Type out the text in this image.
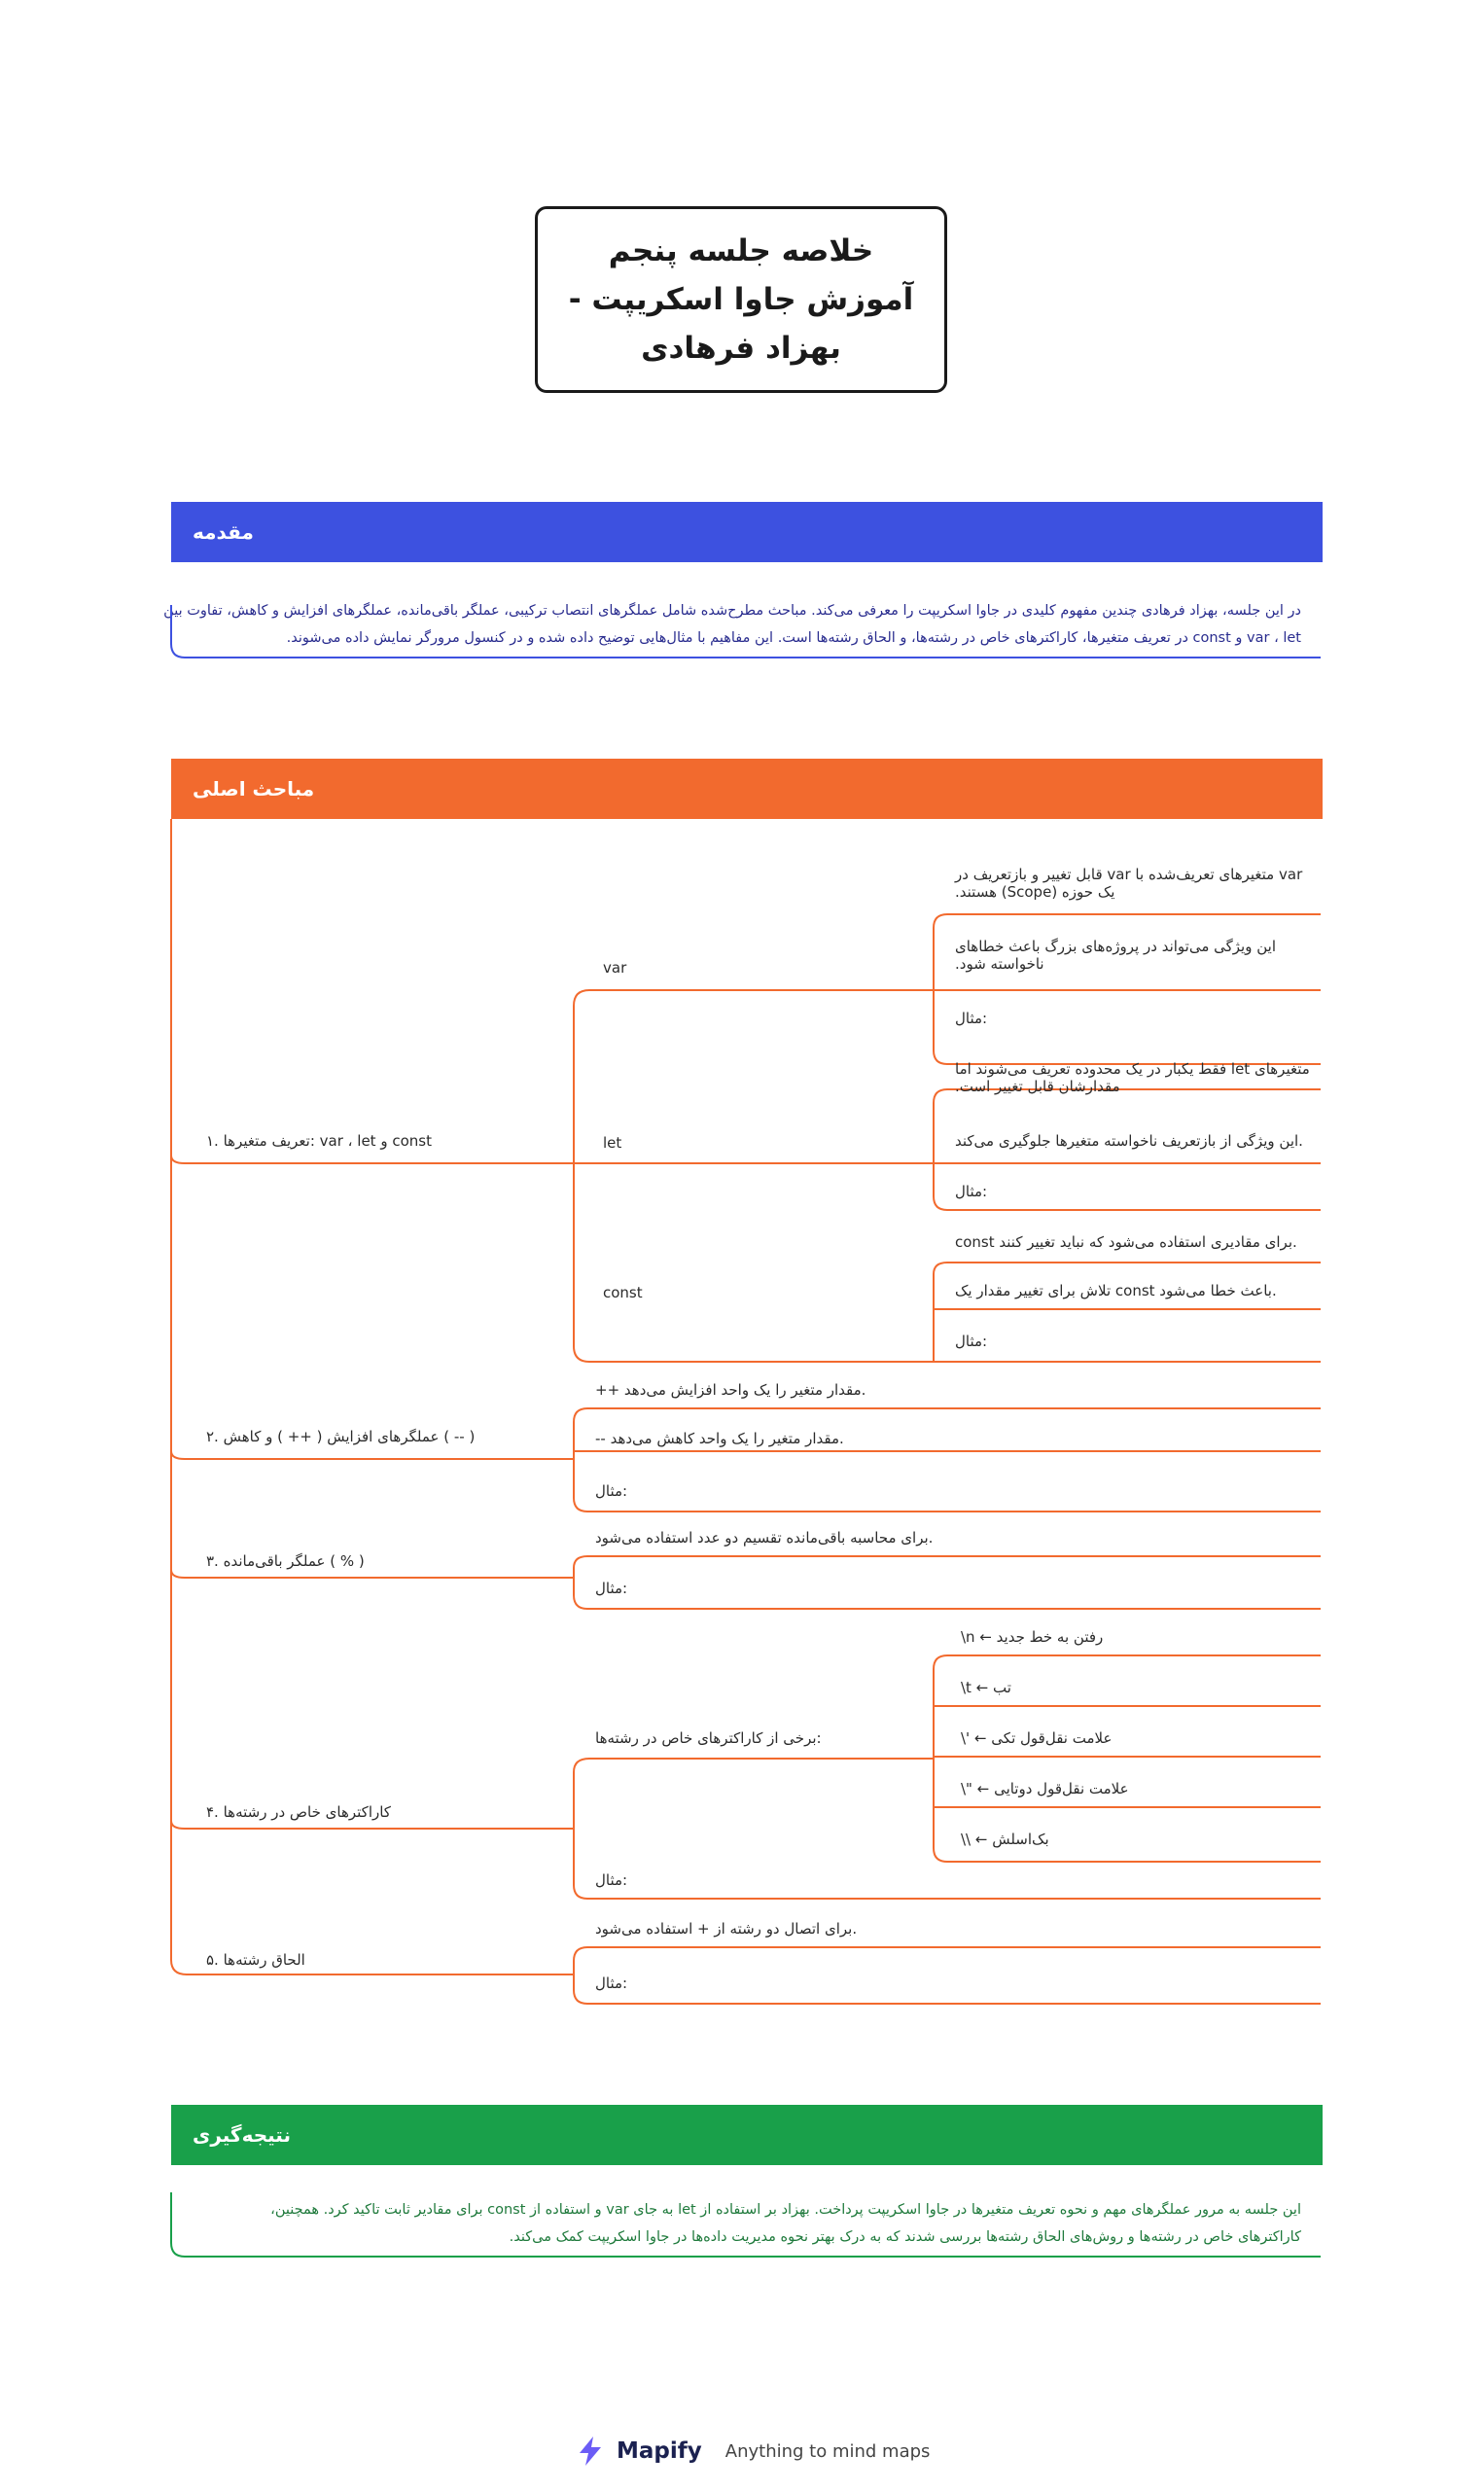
خلاصه جلسه پنجم
آموزش جاوا اسکریپت -
بهزاد فرهادی
مقدمه
در این جلسه، بهزاد فرهادی چندین مفهوم کلیدی در جاوا اسکریپت را معرفی می‌کند. مباحث مطرح‌شده شامل عملگرهای انتصاب ترکیبی، عملگر باقی‌مانده، عملگرهای افزایش و کاهش، تفاوت بین
var ، let و const در تعریف متغیرها، کاراکترهای خاص در رشته‌ها، و الحاق رشته‌ها است. این مفاهیم با مثال‌هایی توضیح داده شده و در کنسول مرورگر نمایش داده می‌شوند.
مباحث اصلی
۱. تعریف متغیرها: var ، let و const
۲. عملگرهای افزایش ( ++ ) و کاهش ( -- )
۳. عملگر باقی‌مانده ( % )
۴. کاراکترهای خاص در رشته‌ها
۵. الحاق رشته‌ها
var
let
const
var متغیرهای تعریف‌شده با var قابل تغییر و بازتعریف در یک حوزه (Scope) هستند.
این ویژگی می‌تواند در پروژه‌های بزرگ باعث خطاهای ناخواسته شود.
مثال:
متغیرهای let فقط یکبار در یک محدوده تعریف می‌شوند اما مقدارشان قابل تغییر است.
این ویژگی از بازتعریف ناخواسته متغیرها جلوگیری می‌کند.
مثال:
const برای مقادیری استفاده می‌شود که نباید تغییر کنند.
تلاش برای تغییر مقدار یک const باعث خطا می‌شود.
مثال:
++ مقدار متغیر را یک واحد افزایش می‌دهد.
-- مقدار متغیر را یک واحد کاهش می‌دهد.
مثال:
برای محاسبه باقی‌مانده تقسیم دو عدد استفاده می‌شود.
مثال:
برخی از کاراکترهای خاص در رشته‌ها:
\n ← رفتن به خط جدید
\t ← تب
\' ← علامت نقل‌قول تکی
\" ← علامت نقل‌قول دوتایی
\\ ← بک‌اسلش
مثال:
برای اتصال دو رشته از + استفاده می‌شود.
مثال:
نتیجه‌گیری
این جلسه به مرور عملگرهای مهم و نحوه تعریف متغیرها در جاوا اسکریپت پرداخت. بهزاد بر استفاده از let به جای var و استفاده از const برای مقادیر ثابت تاکید کرد. همچنین،
کاراکترهای خاص در رشته‌ها و روش‌های الحاق رشته‌ها بررسی شدند که به درک بهتر نحوه مدیریت داده‌ها در جاوا اسکریپت کمک می‌کند.
Mapify Anything to mind maps
